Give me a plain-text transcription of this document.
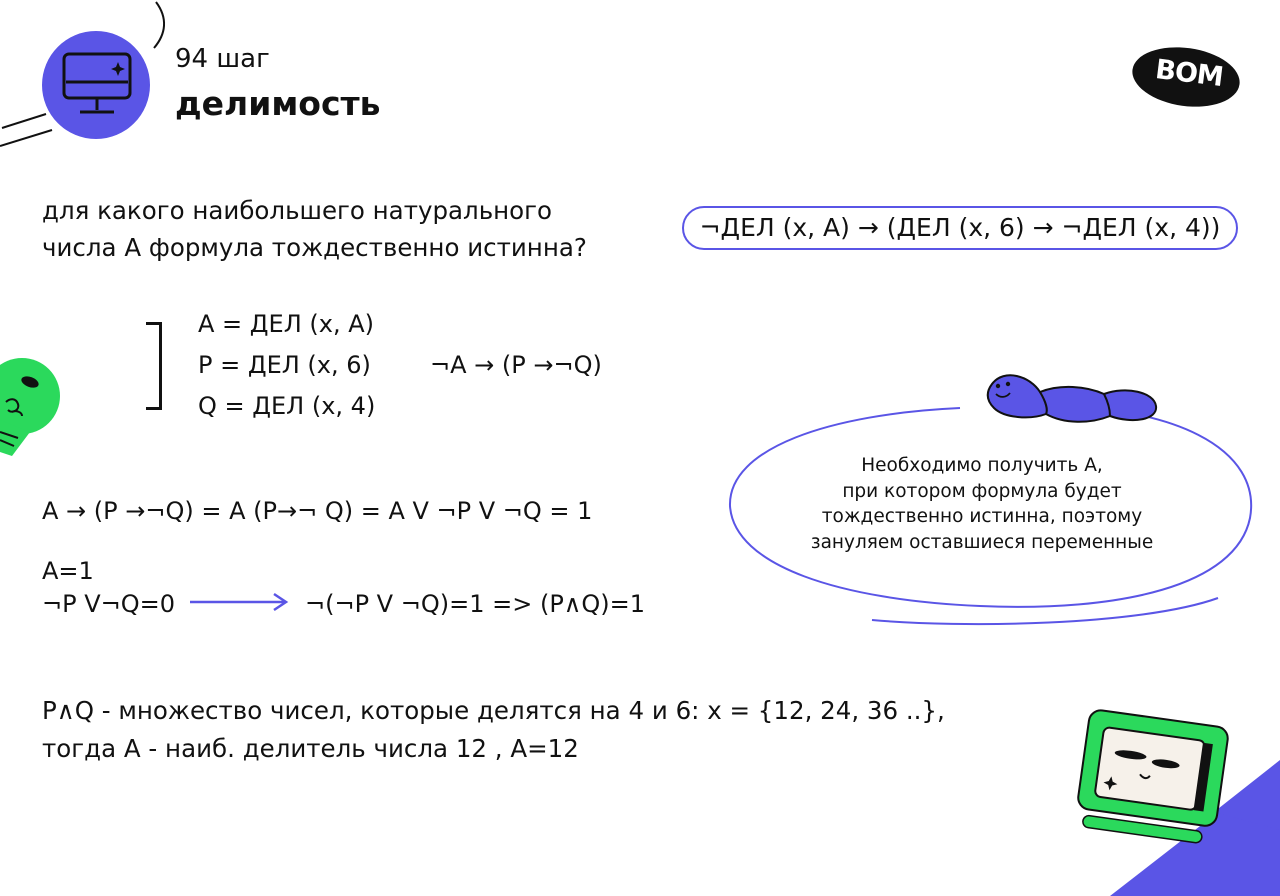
94 шаг
делимость
ВОМ
для какого наибольшего натурального
числа А формула тождественно истинна?
¬ДЕЛ (x, A) → (ДЕЛ (x, 6) → ¬ДЕЛ (x, 4))
A = ДЕЛ (x, A)
P = ДЕЛ (x, 6)
Q = ДЕЛ (x, 4)
¬A → (P →¬Q)
A → (P →¬Q) = A (P→¬ Q) = A V ¬P V ¬Q = 1
A=1
¬P V¬Q=0	¬(¬P V ¬Q)=1 => (P∧Q)=1
Необходимо получить А,
при котором формула будет
тождественно истинна, поэтому
зануляем оставшиеся переменные
P∧Q - множество чисел, которые делятся на 4 и 6: x = {12, 24, 36 ..},
тогда A - наиб. делитель числа 12 , A=12
